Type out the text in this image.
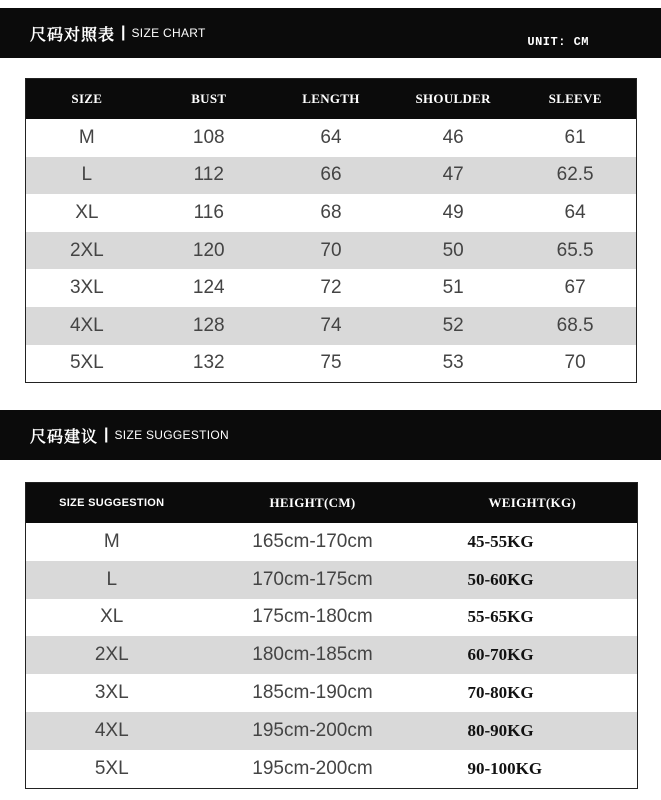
尺码对照表 | SIZE CHART
UNIT: CM
SIZE	BUST	LENGTH	SHOULDER	SLEEVE
M	108	64	46	61
L	112	66	47	62.5
XL	116	68	49	64
2XL	120	70	50	65.5
3XL	124	72	51	67
4XL	128	74	52	68.5
5XL	132	75	53	70
尺码建议 | SIZE SUGGESTION
SIZE SUGGESTION	HEIGHT(CM)	WEIGHT(KG)
M	165cm-170cm	45-55KG
L	170cm-175cm	50-60KG
XL	175cm-180cm	55-65KG
2XL	180cm-185cm	60-70KG
3XL	185cm-190cm	70-80KG
4XL	195cm-200cm	80-90KG
5XL	195cm-200cm	90-100KG
